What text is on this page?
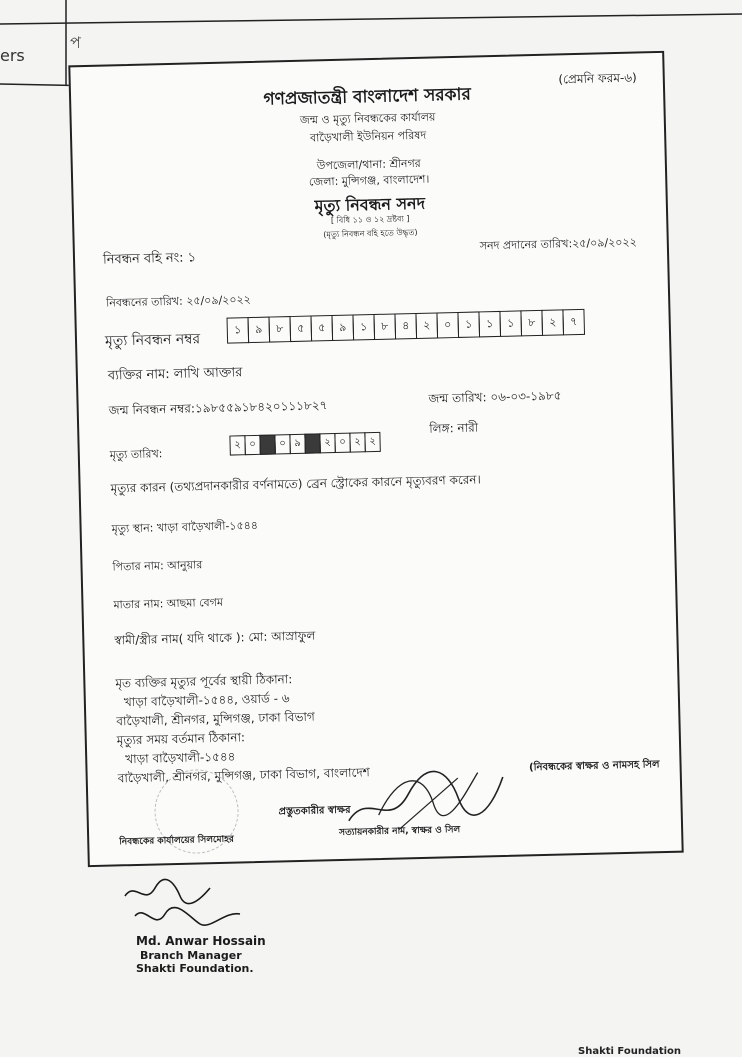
ers
প
(প্রেমনি ফরম-৬)
গণপ্রজাতন্ত্রী বাংলাদেশ সরকার
জন্ম ও মৃত্যু নিবন্ধকের কার্যালয়
বাড়ৈখালী ইউনিয়ন পরিষদ
উপজেলা/থানা: শ্রীনগর
জেলা: মুন্সিগঞ্জ, বাংলাদেশ।
মৃত্যু নিবন্ধন সনদ
[ বিধি ১১ ও ১২ দ্রষ্টব্য ]
(মৃত্যু নিবন্ধন বহি হতে উদ্ধৃত)
নিবন্ধন বহি নং: ১
সনদ প্রদানের তারিখ:২৫/০৯/২০২২
নিবন্ধনের তারিখ: ২৫/০৯/২০২২
মৃত্যু নিবন্ধন নম্বর
১	৯	৮	৫	৫	৯	১	৮	৪	২	০	১	১	১	৮	২	৭
ব্যক্তির নাম: লাখি আক্তার
জন্ম নিবন্ধন নম্বর:১৯৮৫৫৯১৮৪২০১১১৮২৭
জন্ম তারিখ: ০৬-০৩-১৯৮৫
লিঙ্গ: নারী
মৃত্যু তারিখ:
২ ০	০ ৯	২ ০ ২ ২
মৃত্যুর কারন (তথ্যপ্রদানকারীর বর্ণনামতে) ব্রেন স্ট্রোকের কারনে মৃত্যুবরণ করেন।
মৃত্যু স্থান: খাড়া বাড়ৈখালী-১৫৪৪
পিতার নাম: আনুয়ার
মাতার নাম: আছমা বেগম
স্বামী/স্ত্রীর নাম( যদি থাকে ): মো: আস্রাফুল
মৃত ব্যক্তির মৃত্যুর পূর্বের স্থায়ী ঠিকানা:
খাড়া বাড়ৈখালী-১৫৪৪, ওয়ার্ড - ৬
বাড়ৈখালী, শ্রীনগর, মুন্সিগঞ্জ, ঢাকা বিভাগ
মৃত্যুর সময় বর্তমান ঠিকানা:
খাড়া বাড়ৈখালী-১৫৪৪
বাড়ৈখালী, শ্রীনগর, মুন্সিগঞ্জ, ঢাকা বিভাগ, বাংলাদেশ
প্রস্তুতকারীর স্বাক্ষর
(নিবন্ধকের স্বাক্ষর ও নামসহ সিল
নিবন্ধকের কার্যালয়ের সিলমোহর
সত্যায়নকারীর নাম, স্বাক্ষর ও সিল
Md. Anwar Hossain
Branch Manager
Shakti Foundation.
Shakti Foundation
